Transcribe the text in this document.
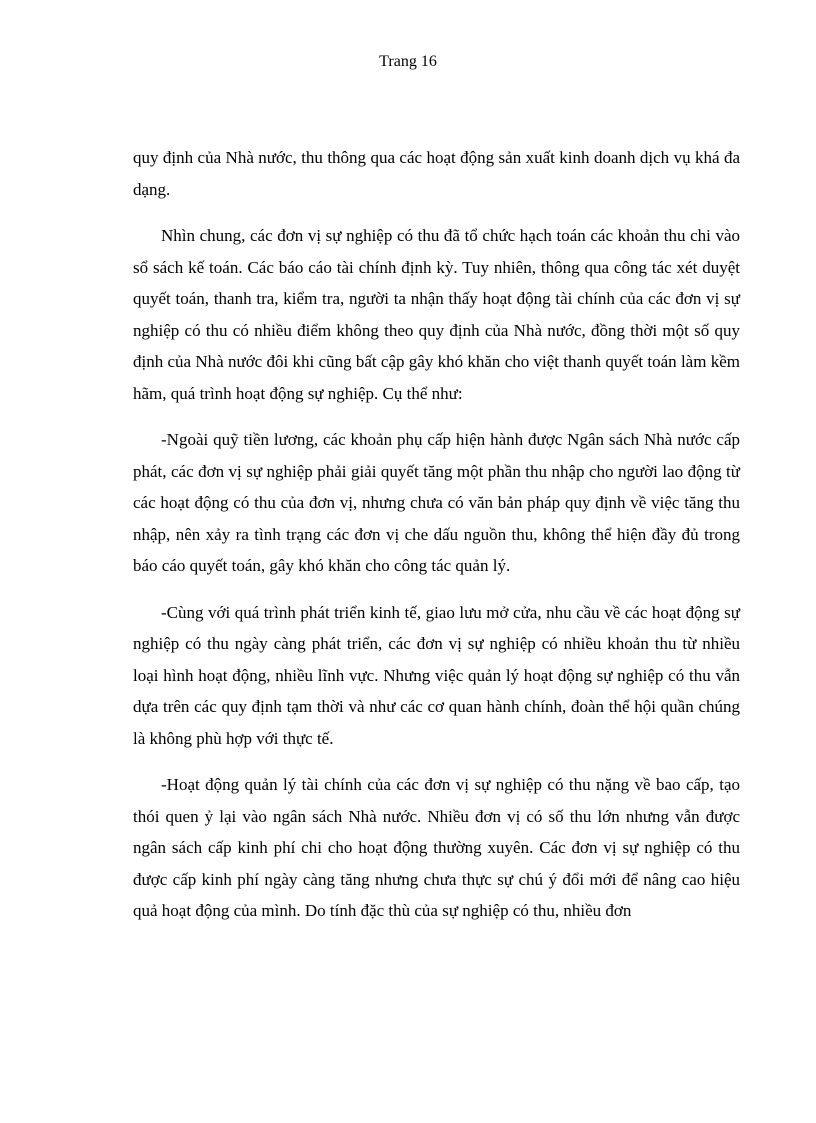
Trang 16

quy định của Nhà nước, thu thông qua các hoạt động sản xuất kinh doanh dịch vụ khá đa dạng.

Nhìn chung, các đơn vị sự nghiệp có thu đã tổ chức hạch toán các khoản thu chi vào sổ sách kế toán. Các báo cáo tài chính định kỳ. Tuy nhiên, thông qua công tác xét duyệt quyết toán, thanh tra, kiểm tra, người ta nhận thấy hoạt động tài chính của các đơn vị sự nghiệp có thu có nhiều điểm không theo quy định của Nhà nước, đồng thời một số quy định của Nhà nước đôi khi cũng bất cập gây khó khăn cho việt thanh quyết toán làm kềm hãm, quá trình hoạt động sự nghiệp. Cụ thể như:

-Ngoài quỹ tiền lương, các khoản phụ cấp hiện hành được Ngân sách Nhà nước cấp phát, các đơn vị sự nghiệp phải giải quyết tăng một phần thu nhập cho người lao động từ các hoạt động có thu của đơn vị, nhưng chưa có văn bản pháp quy định về việc tăng thu nhập, nên xảy ra tình trạng các đơn vị che dấu nguồn thu, không thể hiện đầy đủ trong báo cáo quyết toán, gây khó khăn cho công tác quản lý.

-Cùng với quá trình phát triển kinh tế, giao lưu mở cửa, nhu cầu về các hoạt động sự nghiệp có thu ngày càng phát triển, các đơn vị sự nghiệp có nhiều khoản thu từ nhiều loại hình hoạt động, nhiều lĩnh vực. Nhưng việc quản lý hoạt động sự nghiệp có thu vẫn dựa trên các quy định tạm thời và như các cơ quan hành chính, đoàn thể hội quần chúng là không phù hợp với thực tế.

-Hoạt động quản lý tài chính của các đơn vị sự nghiệp có thu nặng về bao cấp, tạo thói quen ỷ lại vào ngân sách Nhà nước. Nhiều đơn vị có số thu lớn nhưng vẫn được ngân sách cấp kinh phí chi cho hoạt động thường xuyên. Các đơn vị sự nghiệp có thu được cấp kinh phí ngày càng tăng nhưng chưa thực sự chú ý đổi mới để nâng cao hiệu quả hoạt động của mình. Do tính đặc thù của sự nghiệp có thu, nhiều đơn
